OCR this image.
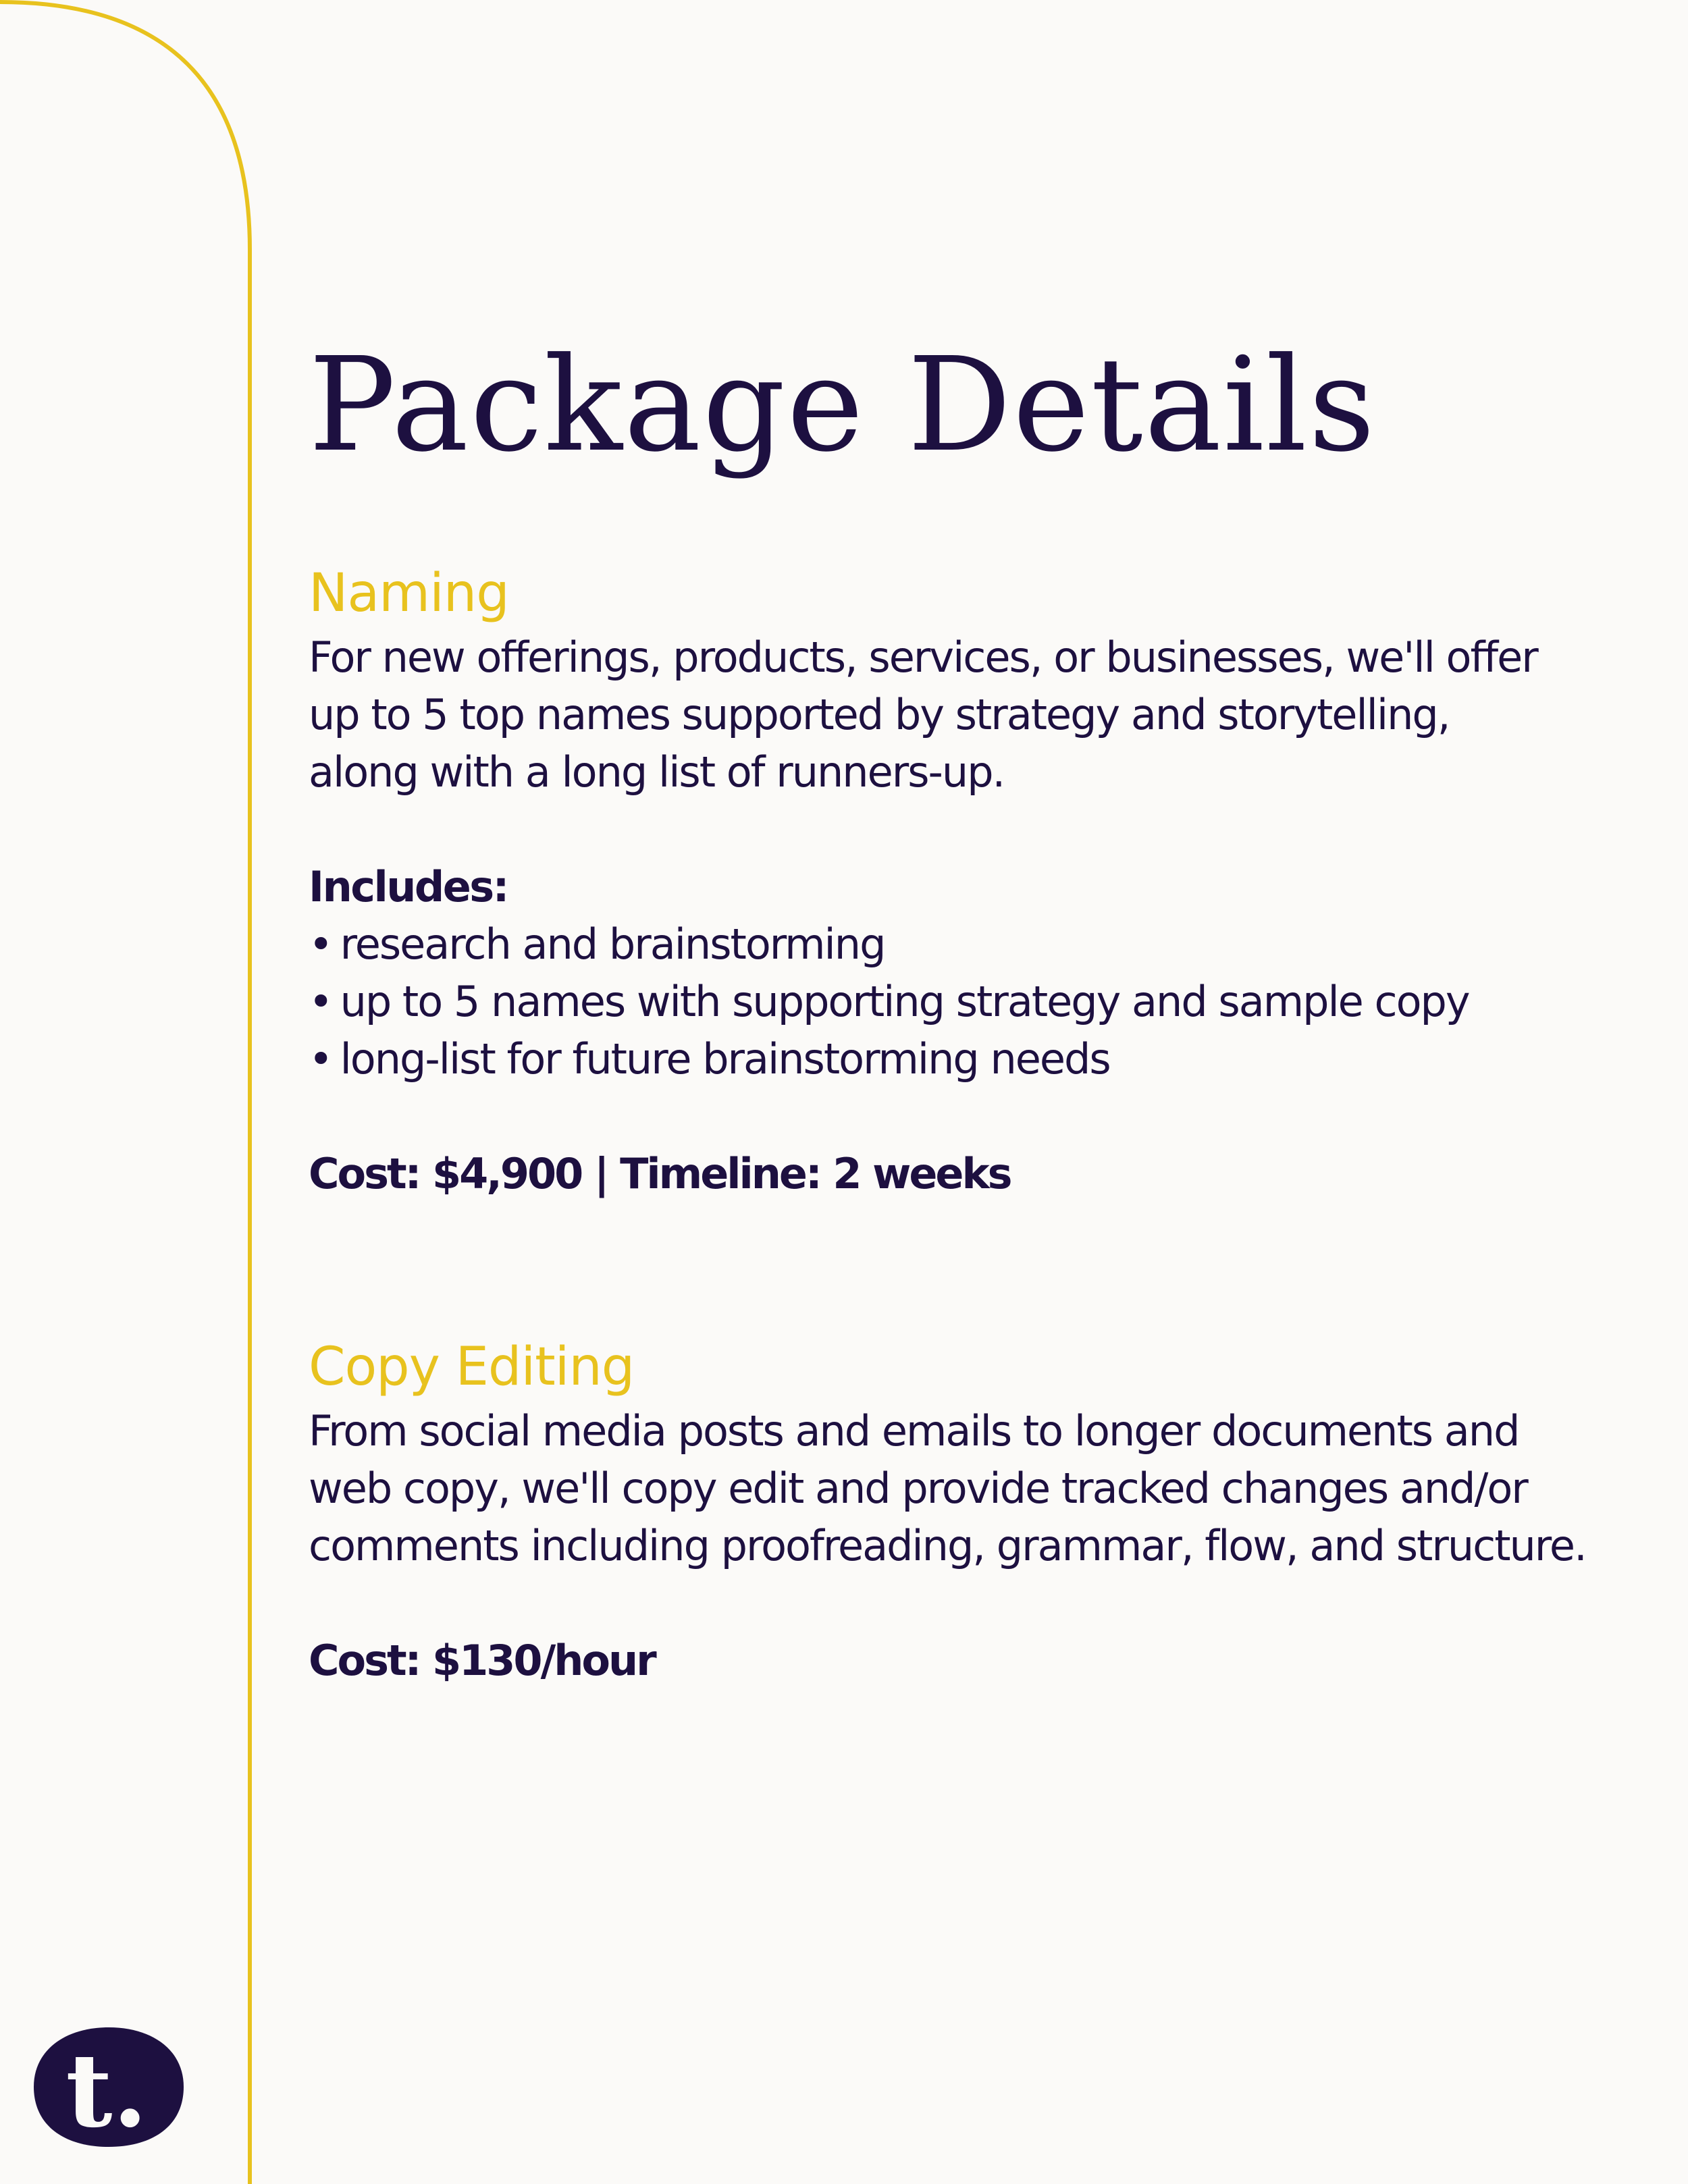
Package Details
Naming

For new offerings, products, services, or businesses, we'll offer
up to 5 top names supported by strategy and storytelling,
along with a long list of runners-up.

Includes:

• research and brainstorming
• up to 5 names with supporting strategy and sample copy
• long-list for future brainstorming needs

Cost: $4,900 | Timeline: 2 weeks

Copy Editing

From social media posts and emails to longer documents and
web copy, we'll copy edit and provide tracked changes and/or
comments including proofreading, grammar, flow, and structure.

Cost: $130/hour

t.
